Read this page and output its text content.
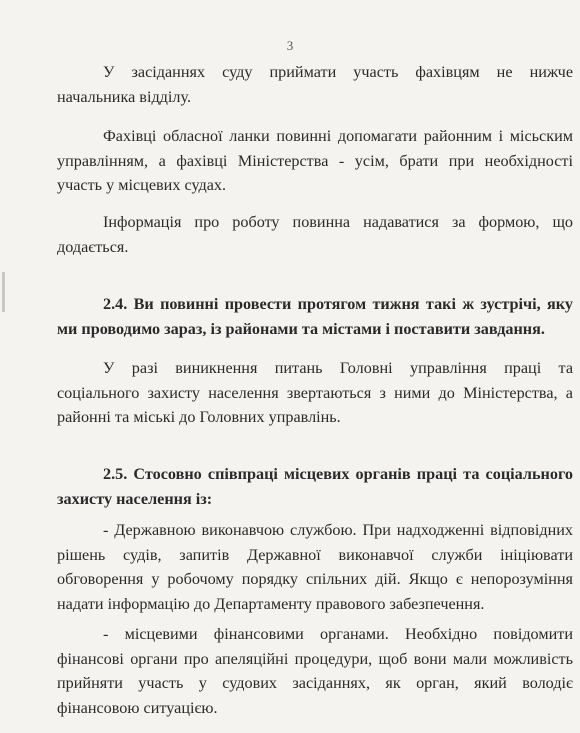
3
У засіданнях суду приймати участь фахівцям не нижче
начальника відділу.
Фахівці обласної ланки повинні допомагати районним і місьским
управлінням, а фахівці Міністерства - усім, брати при необхідності
участь у місцевих судах.
Інформація про роботу повинна надаватися за формою, що
додається.
2.4. Ви повинні провести протягом тижня такі ж зустрічі, яку
ми проводимо зараз, із районами та містами і поставити завдання.
У разі виникнення питань Головні управління праці та
соціального захисту населення звертаються з ними до Міністерства, а
районні та міські до Головних управлінь.
2.5. Стосовно співпраці місцевих органів праці та соціального
захисту населення із:
- Державною виконавчою службою. При надходженні відповідних
рішень судів, запитів Державної виконавчої служби ініціювати
обговорення у робочому порядку спільних дій. Якщо є непорозуміння
надати інформацію до Департаменту правового забезпечення.
- місцевими фінансовими органами. Необхідно повідомити
фінансові органи про апеляційні процедури, щоб вони мали можливість
прийняти участь у судових засіданнях, як орган, який володіє
фінансовою ситуацією.
